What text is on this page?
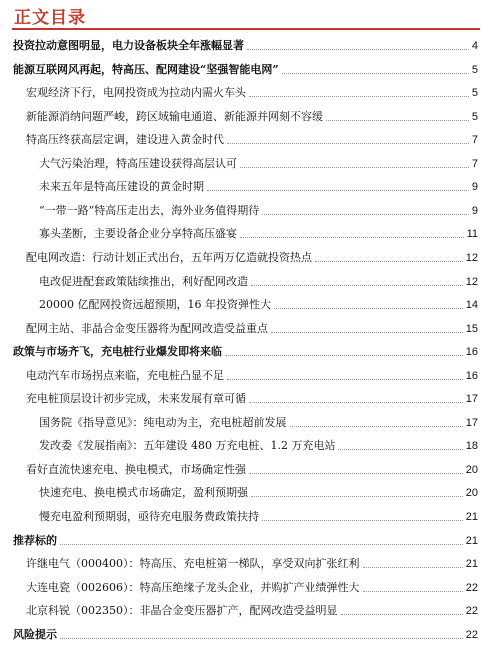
正文目录
投资拉动意图明显，电力设备板块全年涨幅显著	4
能源互联网风再起，特高压、配网建设“坚强智能电网”	5
宏观经济下行，电网投资成为拉动内需火车头	5
新能源消纳问题严峻，跨区域输电通道、新能源并网刻不容缓	5
特高压终获高层定调，建设进入黄金时代	7
大气污染治理，特高压建设获得高层认可	7
未来五年是特高压建设的黄金时期	9
“一带一路”特高压走出去，海外业务值得期待	9
寡头垄断，主要设备企业分享特高压盛宴	11
配电网改造：行动计划正式出台，五年两万亿造就投资热点	12
电改促进配套政策陆续推出，利好配网改造	12
20000 亿配网投资远超预期，16 年投资弹性大	14
配网主站、非晶合金变压器将为配网改造受益重点	15
政策与市场齐飞，充电桩行业爆发即将来临	16
电动汽车市场拐点来临，充电桩凸显不足	16
充电桩顶层设计初步完成，未来发展有章可循	17
国务院《指导意见》：纯电动为主，充电桩超前发展	17
发改委《发展指南》：五年建设 480 万充电桩、1.2 万充电站	18
看好直流快速充电、换电模式，市场确定性强	20
快速充电、换电模式市场确定，盈利预期强	20
慢充电盈利预期弱，亟待充电服务费政策扶持	21
推荐标的	21
许继电气（000400）：特高压、充电桩第一梯队，享受双向扩张红利	21
大连电瓷（002606）：特高压绝缘子龙头企业，并购扩产业绩弹性大	22
北京科锐（002350）：非晶合金变压器扩产，配网改造受益明显	22
风险提示	22
